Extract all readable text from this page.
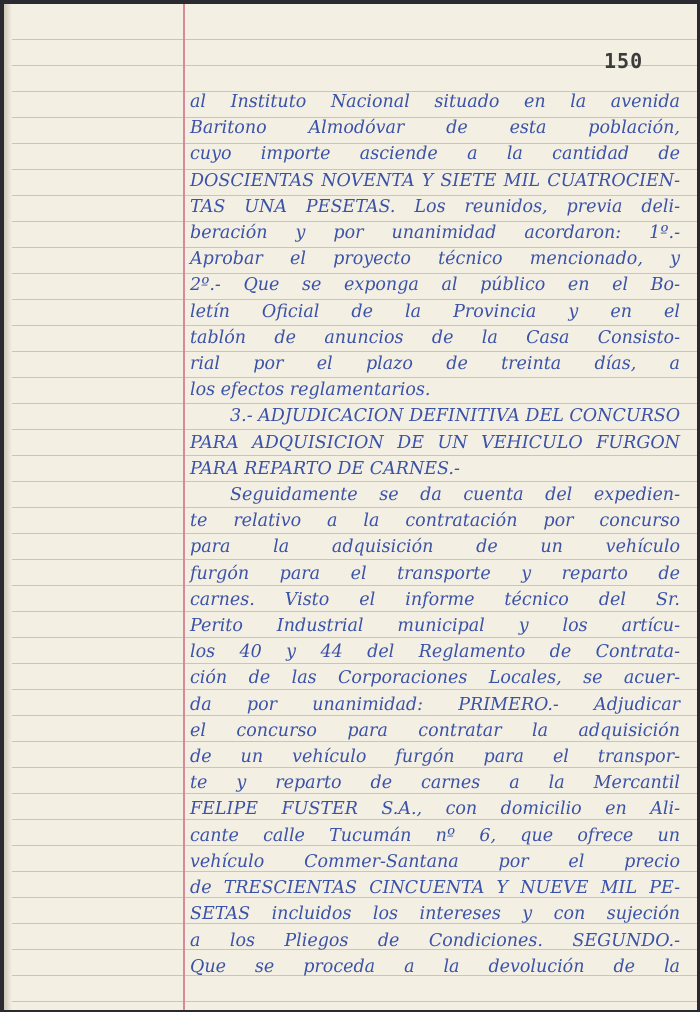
150
al Instituto Nacional situado en la avenida
Baritono Almodóvar de esta población,
cuyo importe asciende a la cantidad de
DOSCIENTAS NOVENTA Y SIETE MIL CUATROCIEN-
TAS UNA PESETAS. Los reunidos, previa deli-
beración y por unanimidad acordaron: 1º.-
Aprobar el proyecto técnico mencionado, y
2º.- Que se exponga al público en el Bo-
letín Oficial de la Provincia y en el
tablón de anuncios de la Casa Consisto-
rial por el plazo de treinta días, a
los efectos reglamentarios.
3.- ADJUDICACION DEFINITIVA DEL CONCURSO
PARA ADQUISICION DE UN VEHICULO FURGON
PARA REPARTO DE CARNES.-
Seguidamente se da cuenta del expedien-
te relativo a la contratación por concurso
para la adquisición de un vehículo
furgón para el transporte y reparto de
carnes. Visto el informe técnico del Sr.
Perito Industrial municipal y los artícu-
los 40 y 44 del Reglamento de Contrata-
ción de las Corporaciones Locales, se acuer-
da por unanimidad: PRIMERO.- Adjudicar
el concurso para contratar la adquisición
de un vehículo furgón para el transpor-
te y reparto de carnes a la Mercantil
FELIPE FUSTER S.A., con domicilio en Ali-
cante calle Tucumán nº 6, que ofrece un
vehículo Commer-Santana por el precio
de TRESCIENTAS CINCUENTA Y NUEVE MIL PE-
SETAS incluidos los intereses y con sujeción
a los Pliegos de Condiciones. SEGUNDO.-
Que se proceda a la devolución de la
